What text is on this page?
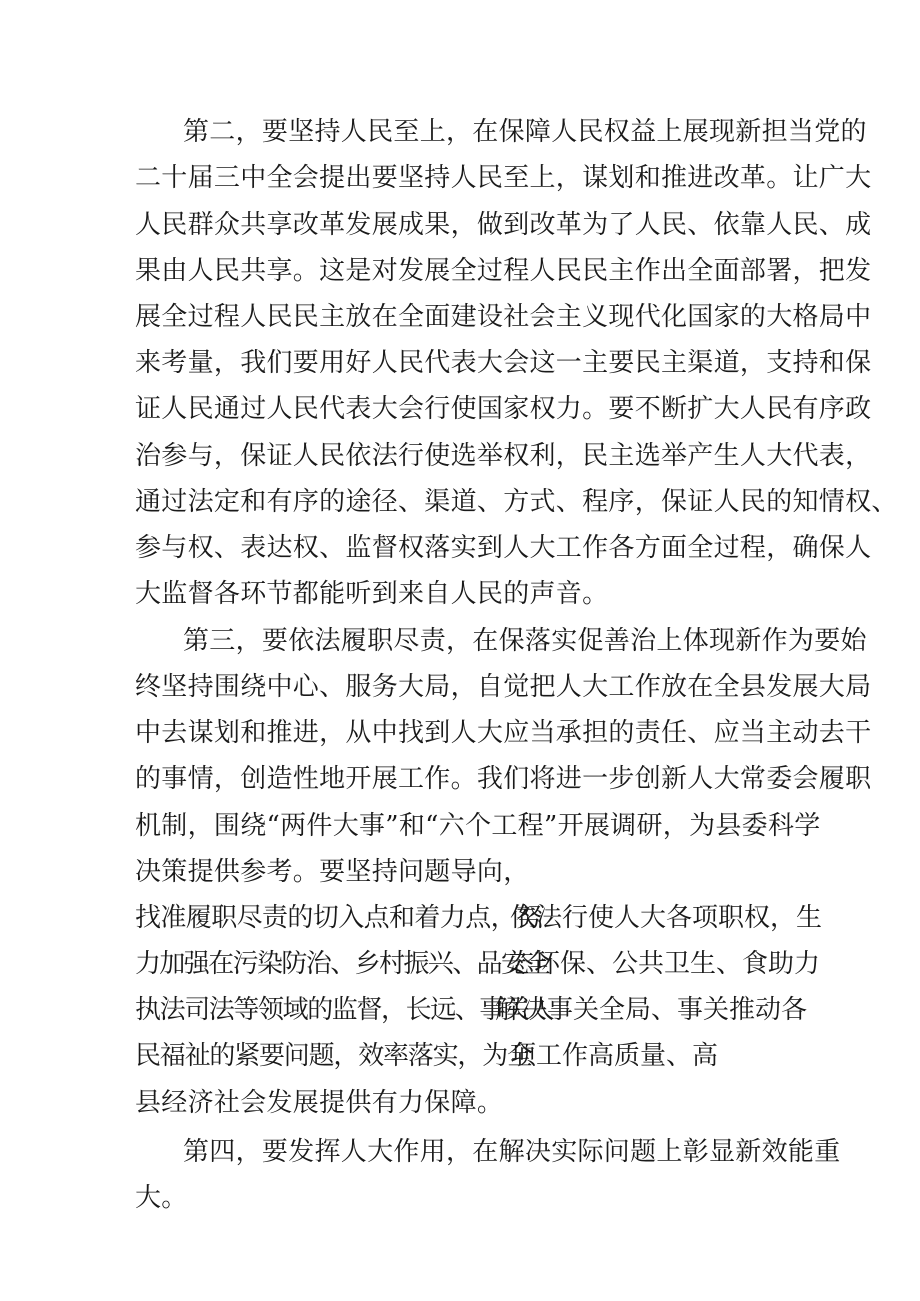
第二，要坚持人民至上，在保障人民权益上展现新担当党的
二十届三中全会提出要坚持人民至上，谋划和推进改革。让广大
人民群众共享改革发展成果，做到改革为了人民、依靠人民、成
果由人民共享。这是对发展全过程人民民主作出全面部署，把发
展全过程人民民主放在全面建设社会主义现代化国家的大格局中
来考量，我们要用好人民代表大会这一主要民主渠道，支持和保
证人民通过人民代表大会行使国家权力。要不断扩大人民有序政
治参与，保证人民依法行使选举权利，民主选举产生人大代表，
通过法定和有序的途径、渠道、方式、程序，保证人民的知情权、
参与权、表达权、监督权落实到人大工作各方面全过程，确保人
大监督各环节都能听到来自人民的声音。
第三，要依法履职尽责，在保落实促善治上体现新作为要始
终坚持围绕中心、服务大局，自觉把人大工作放在全县发展大局
中去谋划和推进，从中找到人大应当承担的责任、应当主动去干
的事情，创造性地开展工作。我们将进一步创新人大常委会履职
机制，围绕“两件大事”和“六个工程”开展调研，为县委科学
决策提供参考。要坚持问题导向，
找准履职尽责的切入点和着力点，努
依法行使人大各项职权，生
力加强在污染防治、乡村振兴、品安全
态环保、公共卫生、食助力
执法司法等领域的监督，长远、事关人
解决事关全局、事关推动各
民福祉的紧要问题，效率落实，为全
项工作高质量、高
县经济社会发展提供有力保障。
第四，要发挥人大作用，在解决实际问题上彰显新效能重
大。
